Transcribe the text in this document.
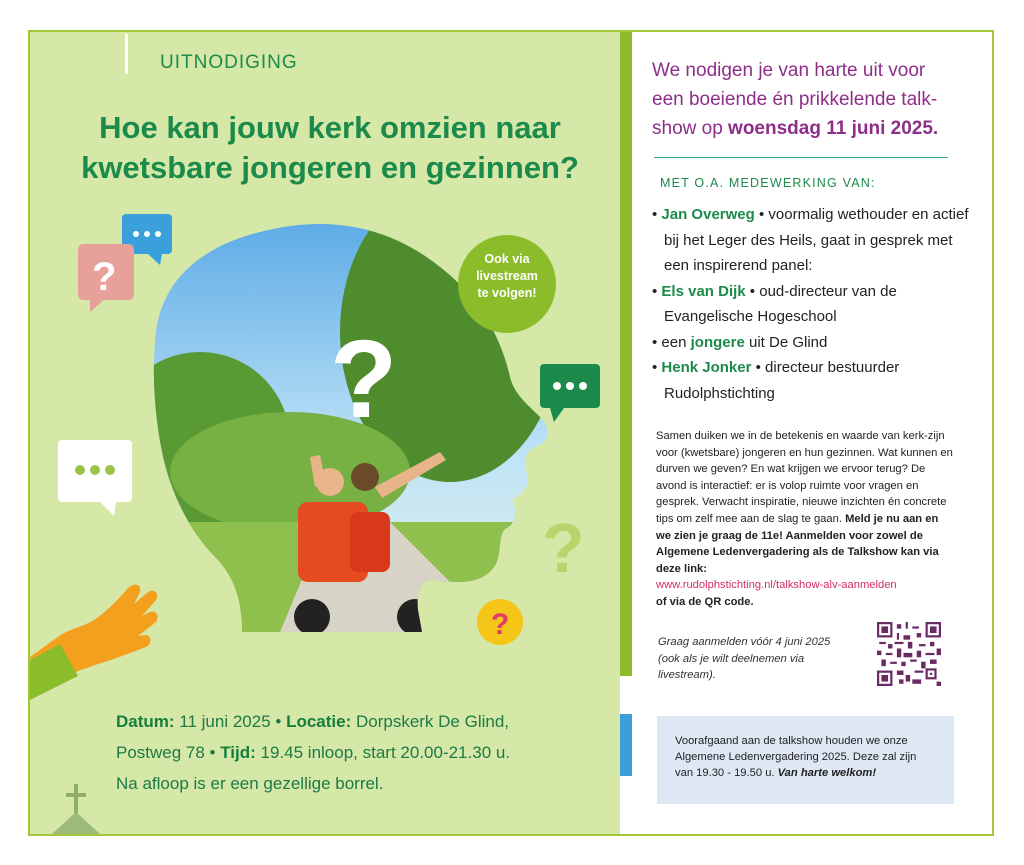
?
?
?
?
UITNODIGING
Hoe kan jouw kerk omzien naar
kwetsbare jongeren en gezinnen?
Ook via
livestream
te volgen!
Datum: 11 juni 2025 • Locatie: Dorpskerk De Glind,
Postweg 78 • Tijd: 19.45 inloop, start 20.00-21.30 u.
Na afloop is er een gezellige borrel.
We nodigen je van harte uit voor
een boeiende én prikkelende talk-
show op woensdag 11 juni 2025.
MET O.A. MEDEWERKING VAN:
• Jan Overweg • voormalig wethouder en actief bij het Leger des Heils, gaat in gesprek met een inspirerend panel:
• Els van Dijk • oud-directeur van de Evangelische Hogeschool
• een jongere uit De Glind
• Henk Jonker • directeur bestuurder Rudolphstichting
Samen duiken we in de betekenis en waarde van kerk-zijn voor (kwetsbare) jongeren en hun gezinnen. Wat kunnen en durven we geven? En wat krijgen we ervoor terug? De avond is interactief: er is volop ruimte voor vragen en gesprek. Verwacht inspiratie, nieuwe inzichten én concrete tips om zelf mee aan de slag te gaan. Meld je nu aan en we zien je graag de 11e! Aanmelden voor zowel de Algemene Ledenvergadering als de Talkshow kan via deze link:
www.rudolphstichting.nl/talkshow-alv-aanmelden
of via de QR code.
Graag aanmelden vóór 4 juni 2025 (ook als je wilt deelnemen via livestream).
Voorafgaand aan de talkshow houden we onze Algemene Ledenvergadering 2025. Deze zal zijn van 19.30 - 19.50 u. Van harte welkom!
